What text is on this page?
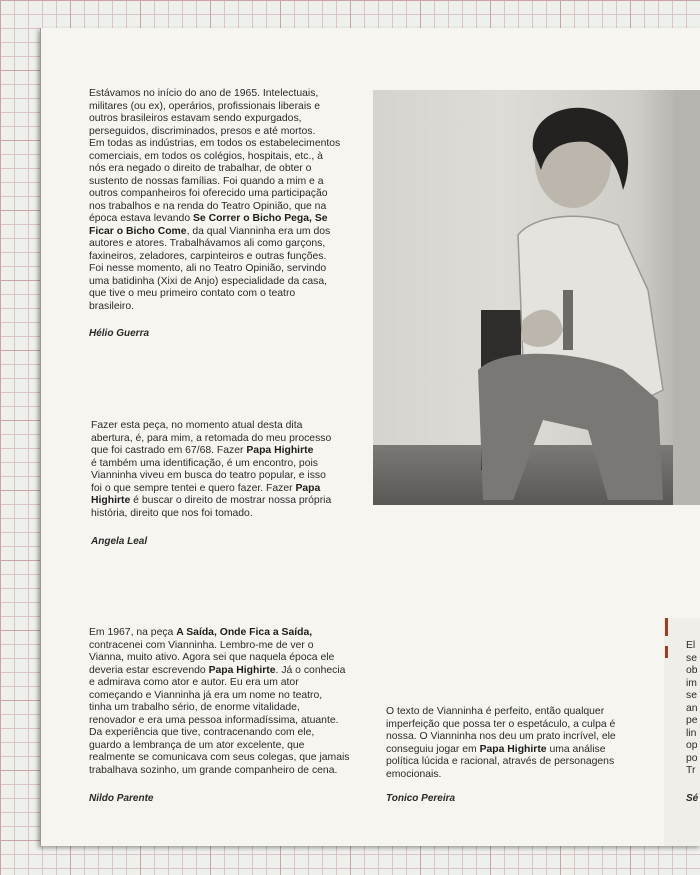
Estávamos no início do ano de 1965. Intelectuais,
militares (ou ex), operários, profissionais liberais e
outros brasileiros estavam sendo expurgados,
perseguidos, discriminados, presos e até mortos.
Em todas as indústrias, em todos os estabelecimentos
comerciais, em todos os colégios, hospitais, etc., à
nós era negado o direito de trabalhar, de obter o
sustento de nossas famílias. Foi quando a mim e a
outros companheiros foi oferecido uma participação
nos trabalhos e na renda do Teatro Opinião, que na
época estava levando Se Correr o Bicho Pega, Se
Ficar o Bicho Come, da qual Vianninha era um dos
autores e atores. Trabalhávamos ali como garçons,
faxineiros, zeladores, carpinteiros e outras funções.
Foi nesse momento, ali no Teatro Opinião, servindo
uma batidinha (Xixi de Anjo) especialidade da casa,
que tive o meu primeiro contato com o teatro
brasileiro.
Hélio Guerra
Fazer esta peça, no momento atual desta dita
abertura, é, para mim, a retomada do meu processo
que foi castrado em 67/68. Fazer Papa Highirte
é também uma identificação, é um encontro, pois
Vianninha viveu em busca do teatro popular, e isso
foi o que sempre tentei e quero fazer. Fazer Papa
Highirte é buscar o direito de mostrar nossa própria
história, direito que nos foi tomado.
Angela Leal
Em 1967, na peça A Saída, Onde Fica a Saída,
contracenei com Vianninha. Lembro-me de ver o
Vianna, muito ativo. Agora sei que naquela época ele
deveria estar escrevendo Papa Highirte. Já o conhecia
e admirava como ator e autor. Eu era um ator
começando e Vianninha já era um nome no teatro,
tinha um trabalho sério, de enorme vitalidade,
renovador e era uma pessoa informadíssima, atuante.
Da experiência que tive, contracenando com ele,
guardo a lembrança de um ator excelente, que
realmente se comunicava com seus colegas, que jamais
trabalhava sozinho, um grande companheiro de cena.
Nildo Parente
O texto de Vianninha é perfeito, então qualquer
imperfeição que possa ter o espetáculo, a culpa é
nossa. O Vianninha nos deu um prato incrível, ele
conseguiu jogar em Papa Highirte uma análise
política lúcida e racional, através de personagens
emocionais.
Tonico Pereira
El
se
ob
im
se
an
pe
lin
op
po
Tr
Sé
